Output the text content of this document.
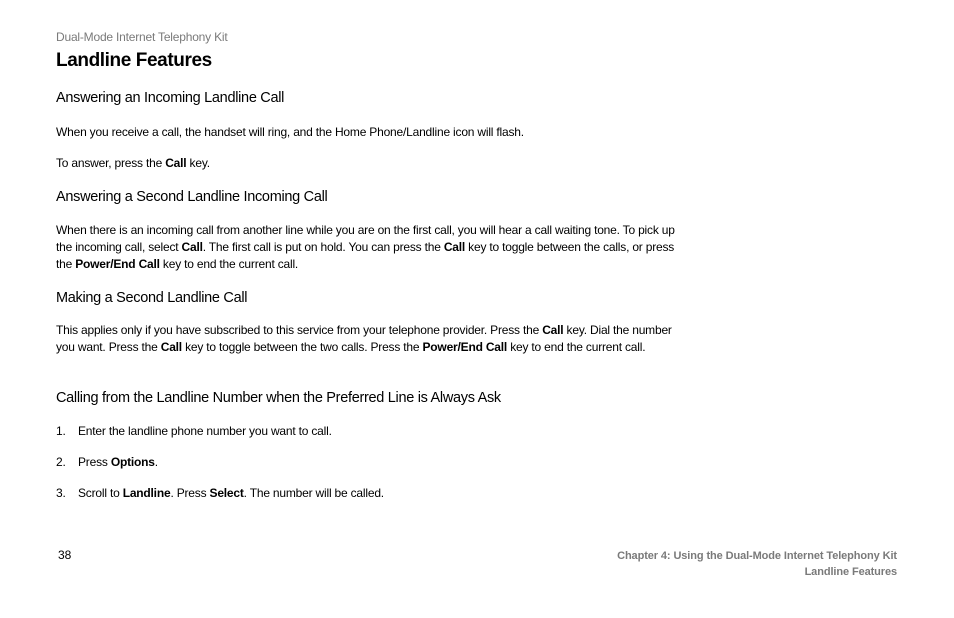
Dual-Mode Internet Telephony Kit
Landline Features
Answering an Incoming Landline Call

When you receive a call, the handset will ring, and the Home Phone/Landline icon will flash.

To answer, press the Call key.

Answering a Second Landline Incoming Call

When there is an incoming call from another line while you are on the first call, you will hear a call waiting tone. To pick up the incoming call, select Call. The first call is put on hold. You can press the Call key to toggle between the calls, or press the Power/End Call key to end the current call.

Making a Second Landline Call

This applies only if you have subscribed to this service from your telephone provider. Press the Call key. Dial the number you want. Press the Call key to toggle between the two calls. Press the Power/End Call key to end the current call.

Calling from the Landline Number when the Preferred Line is Always Ask
1. Enter the landline phone number you want to call.
2. Press Options.
3. Scroll to Landline. Press Select. The number will be called.
38	Chapter 4: Using the Dual-Mode Internet Telephony Kit
Landline Features
